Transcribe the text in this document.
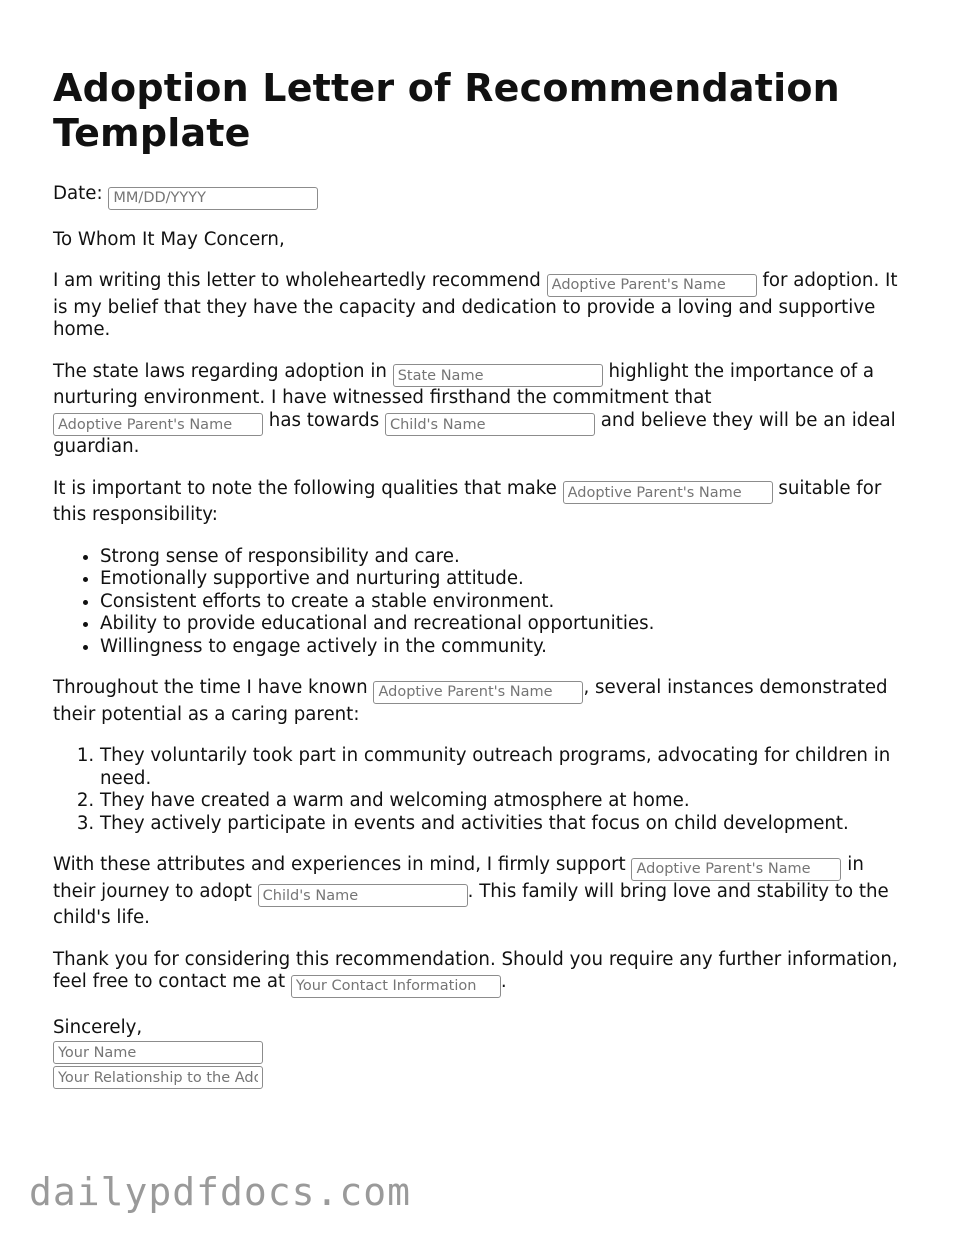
Adoption Letter of Recommendation Template

Date: MM/DD/YYYY

To Whom It May Concern,

I am writing this letter to wholeheartedly recommend Adoptive Parent's Name	for adoption. It is my belief that they have the capacity and dedication to provide a loving and supportive home.

The state laws regarding adoption in State Name	highlight the importance of a nurturing environment. I have witnessed firsthand the commitment that Adoptive Parent's Name has towards Child's Name	and believe they will be an ideal guardian.

It is important to note the following qualities that make Adoptive Parent's Name	suitable for this responsibility:

• Strong sense of responsibility and care.
• Emotionally supportive and nurturing attitude.
• Consistent efforts to create a stable environment.
• Ability to provide educational and recreational opportunities.
• Willingness to engage actively in the community.

Throughout the time I have known Adoptive Parent's Name	, several instances demonstrated their potential as a caring parent:

1. They voluntarily took part in community outreach programs, advocating for children in need.
2. They have created a warm and welcoming atmosphere at home.
3. They actively participate in events and activities that focus on child development.

With these attributes and experiences in mind, I firmly support Adoptive Parent's Name	in their journey to adopt Child's Name	. This family will bring love and stability to the child's life.

Thank you for considering this recommendation. Should you require any further information, feel free to contact me at Your Contact Information	.

Sincerely,
Your Name
Your Relationship to the Adoptive Parent
dailypdfdocs.com
